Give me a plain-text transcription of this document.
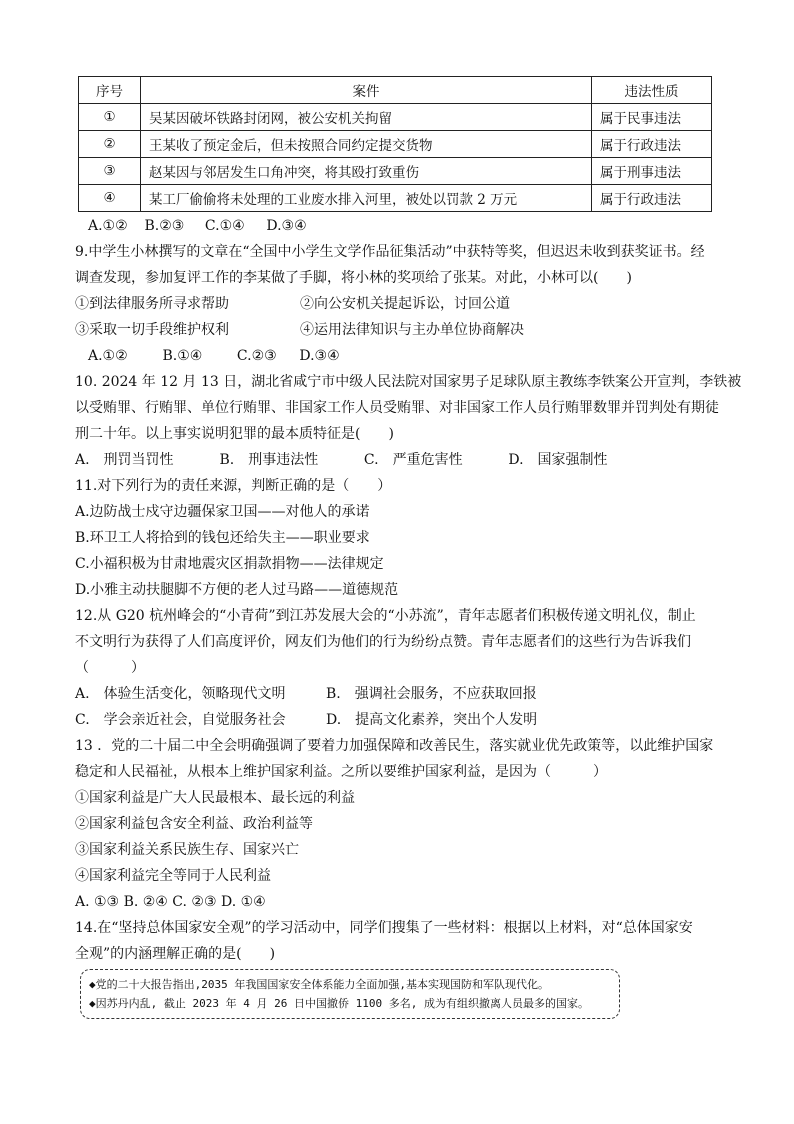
序号	案件	违法性质
①	吴某因破坏铁路封闭网，被公安机关拘留	属于民事违法
②	王某收了预定金后，但未按照合同约定提交货物	属于行政违法
③	赵某因与邻居发生口角冲突，将其殴打致重伤	属于刑事违法
④	某工厂偷偷将未处理的工业废水排入河里，被处以罚款 2 万元	属于行政违法
A.①② B.②③ C.①④ D.③④
9.中学生小林撰写的文章在“全国中小学生文学作品征集活动”中获特等奖，但迟迟未收到获奖证书。经
调查发现，参加复评工作的李某做了手脚，将小林的奖项给了张某。对此，小林可以(　　)
①到法律服务所寻求帮助	②向公安机关提起诉讼，讨回公道
③采取一切手段维护权利	④运用法律知识与主办单位协商解决
A.①② B.①④ C.②③ D.③④
10. 2024 年 12 月 13 日，湖北省咸宁市中级人民法院对国家男子足球队原主教练李铁案公开宣判，李铁被
以受贿罪、行贿罪、单位行贿罪、非国家工作人员受贿罪、对非国家工作人员行贿罪数罪并罚判处有期徒
刑二十年。以上事实说明犯罪的最本质特征是(　　)
A.　刑罚当罚性	B.　刑事违法性	C.　严重危害性	D.　国家强制性
11.对下列行为的责任来源，判断正确的是（　　）
A.边防战士戍守边疆保家卫国——对他人的承诺
B.环卫工人将拾到的钱包还给失主——职业要求
C.小福积极为甘肃地震灾区捐款捐物——法律规定
D.小雅主动扶腿脚不方便的老人过马路——道德规范
12.从 G20 杭州峰会的“小青荷”到江苏发展大会的“小苏流”，青年志愿者们积极传递文明礼仪，制止
不文明行为获得了人们高度评价，网友们为他们的行为纷纷点赞。青年志愿者们的这些行为告诉我们
（　　　）
A.　体验生活变化，领略现代文明	B.　强调社会服务，不应获取回报
C.　学会亲近社会，自觉服务社会	D.　提高文化素养，突出个人发明
13 ．党的二十届二中全会明确强调了要着力加强保障和改善民生，落实就业优先政策等，以此维护国家
稳定和人民福祉，从根本上维护国家利益。之所以要维护国家利益，是因为（　　　）
①国家利益是广大人民最根本、最长远的利益
②国家利益包含安全利益、政治利益等
③国家利益关系民族生存、国家兴亡
④国家利益完全等同于人民利益
A. ①③ B. ②④ C. ②③ D. ①④
14.在“坚持总体国家安全观”的学习活动中，同学们搜集了一些材料：根据以上材料，对“总体国家安
全观”的内涵理解正确的是(　　)
◆党的二十大报告指出,2035 年我国国家安全体系能力全面加强,基本实现国防和军队现代化。
◆因苏丹内乱, 截止 2023 年 4 月 26 日中国撤侨 1100 多名, 成为有组织撤离人员最多的国家。
